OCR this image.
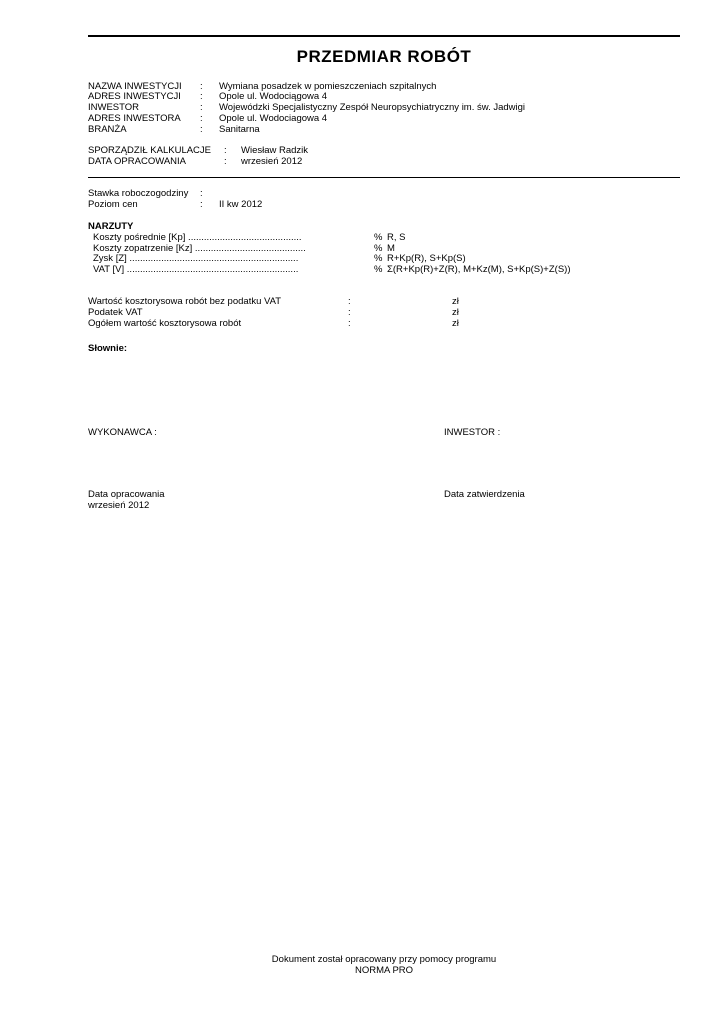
PRZEDMIAR ROBÓT
NAZWA INWESTYCJI : Wymiana posadzek w pomieszczeniach szpitalnych
ADRES INWESTYCJI : Opole ul. Wodociągowa 4
INWESTOR	: Wojewódzki Specjalistyczny Zespół Neuropsychiatryczny im. św. Jadwigi
ADRES INWESTORA : Opole ul. Wodociagowa 4
BRANŻA	: Sanitarna
SPORZĄDZIŁ KALKULACJE : Wiesław Radzik
DATA OPRACOWANIA	: wrzesień 2012
Stawka roboczogodziny :
Poziom cen	: II kw 2012
NARZUTY
Koszty pośrednie [Kp] ...........................................	% R, S
Koszty zopatrzenie [Kz] ..........................................	% M
Zysk [Z] ................................................................	% R+Kp(R), S+Kp(S)
VAT [V] .................................................................	% Σ(R+Kp(R)+Z(R), M+Kz(M), S+Kp(S)+Z(S))
Wartość kosztorysowa robót bez podatku VAT	:	zł
Podatek VAT	:	zł
Ogółem wartość kosztorysowa robót	:	zł
Słownie:
WYKONAWCA :	INWESTOR :
Data opracowania
wrzesień 2012
Data zatwierdzenia
Dokument został opracowany przy pomocy programu
NORMA PRO
